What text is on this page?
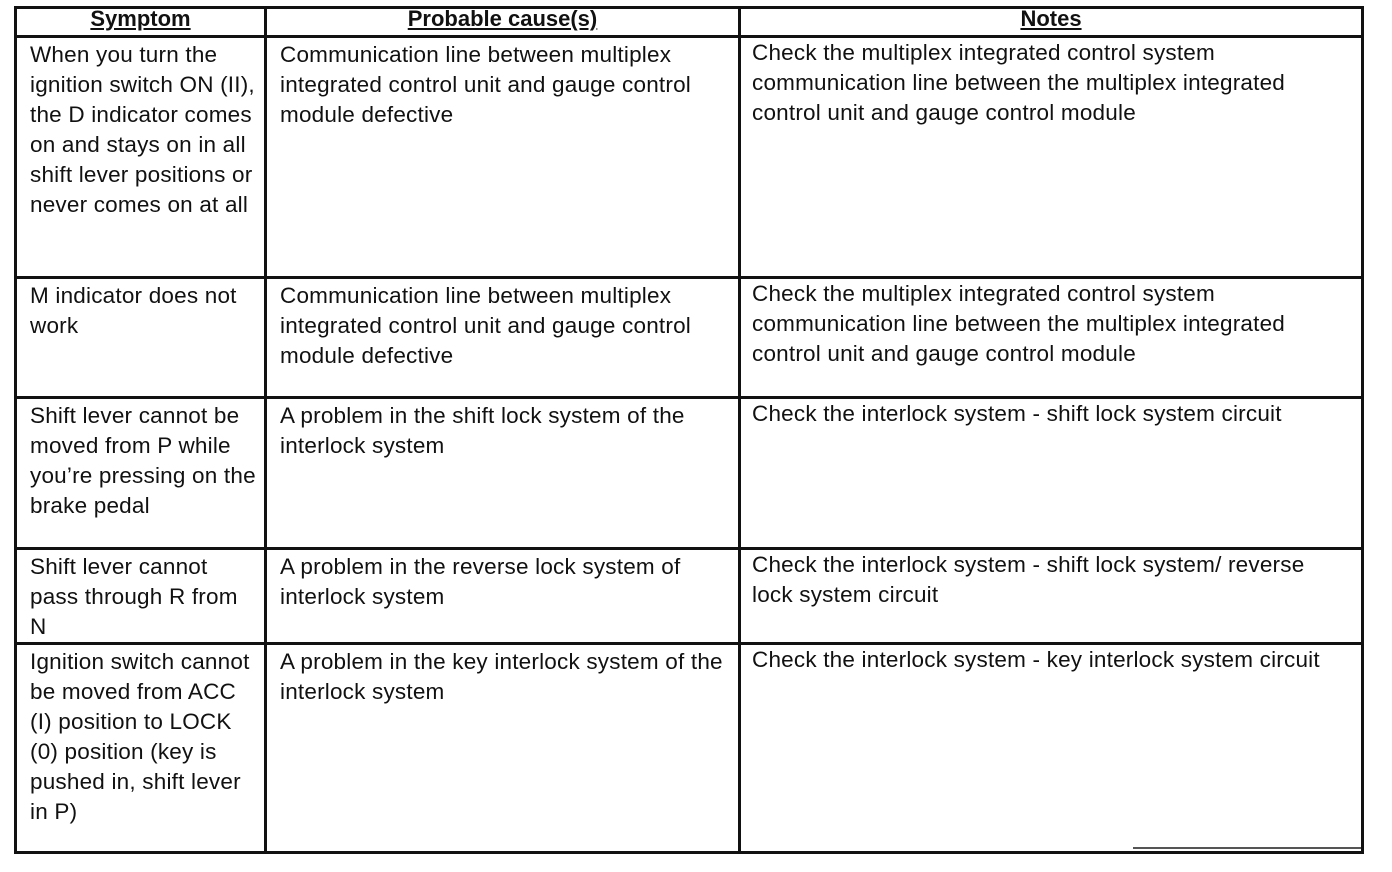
Symptom	Probable cause(s)	Notes

When you turn the ignition switch ON (II), the D indicator comes on and stays on in all shift lever positions or never comes on at all	Communication line between multiplex integrated control unit and gauge control module defective	Check the multiplex integrated control system communication line between the multiplex integrated control unit and gauge control module

M indicator does not work	Communication line between multiplex integrated control unit and gauge control module defective	Check the multiplex integrated control system communication line between the multiplex integrated control unit and gauge control module

Shift lever cannot be moved from P while you’re pressing on the brake pedal	A problem in the shift lock system of the interlock system	Check the interlock system - shift lock system circuit

Shift lever cannot pass through R from N	A problem in the reverse lock system of interlock system	Check the interlock system - shift lock system/ reverse lock system circuit

Ignition switch cannot be moved from ACC (I) position to LOCK (0) position (key is pushed in, shift lever in P)	A problem in the key interlock system of the interlock system	Check the interlock system - key interlock system circuit
